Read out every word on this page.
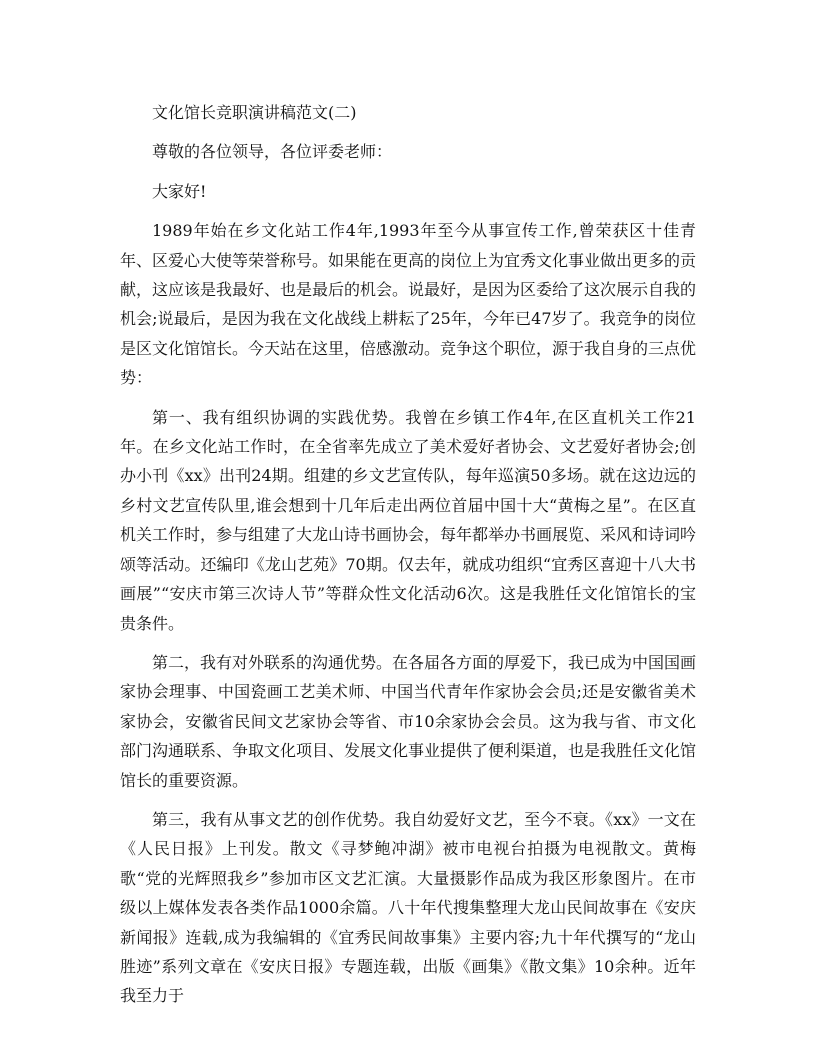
文化馆长竞职演讲稿范文(二)

尊敬的各位领导，各位评委老师：

大家好!

1989年始在乡文化站工作4年,1993年至今从事宣传工作,曾荣获区十佳青年、区爱心大使等荣誉称号。如果能在更高的岗位上为宜秀文化事业做出更多的贡献，这应该是我最好、也是最后的机会。说最好，是因为区委给了这次展示自我的机会;说最后，是因为我在文化战线上耕耘了25年，今年已47岁了。我竞争的岗位是区文化馆馆长。今天站在这里，倍感激动。竞争这个职位，源于我自身的三点优势：

第一、我有组织协调的实践优势。我曾在乡镇工作4年,在区直机关工作21年。在乡文化站工作时，在全省率先成立了美术爱好者协会、文艺爱好者协会;创办小刊《xx》出刊24期。组建的乡文艺宣传队，每年巡演50多场。就在这边远的乡村文艺宣传队里,谁会想到十几年后走出两位首届中国十大“黄梅之星”。在区直机关工作时，参与组建了大龙山诗书画协会，每年都举办书画展览、采风和诗词吟颂等活动。还编印《龙山艺苑》70期。仅去年，就成功组织“宜秀区喜迎十八大书画展”“安庆市第三次诗人节”等群众性文化活动6次。这是我胜任文化馆馆长的宝贵条件。

第二，我有对外联系的沟通优势。在各届各方面的厚爱下，我已成为中国国画家协会理事、中国瓷画工艺美术师、中国当代青年作家协会会员;还是安徽省美术家协会，安徽省民间文艺家协会等省、市10余家协会会员。这为我与省、市文化部门沟通联系、争取文化项目、发展文化事业提供了便利渠道，也是我胜任文化馆馆长的重要资源。

第三，我有从事文艺的创作优势。我自幼爱好文艺，至今不衰。《xx》一文在《人民日报》上刊发。散文《寻梦鲍冲湖》被市电视台拍摄为电视散文。黄梅歌“党的光辉照我乡”参加市区文艺汇演。大量摄影作品成为我区形象图片。在市级以上媒体发表各类作品1000余篇。八十年代搜集整理大龙山民间故事在《安庆新闻报》连载,成为我编辑的《宜秀民间故事集》主要内容;九十年代撰写的“龙山胜迹”系列文章在《安庆日报》专题连载，出版《画集》《散文集》10余种。近年我至力于
